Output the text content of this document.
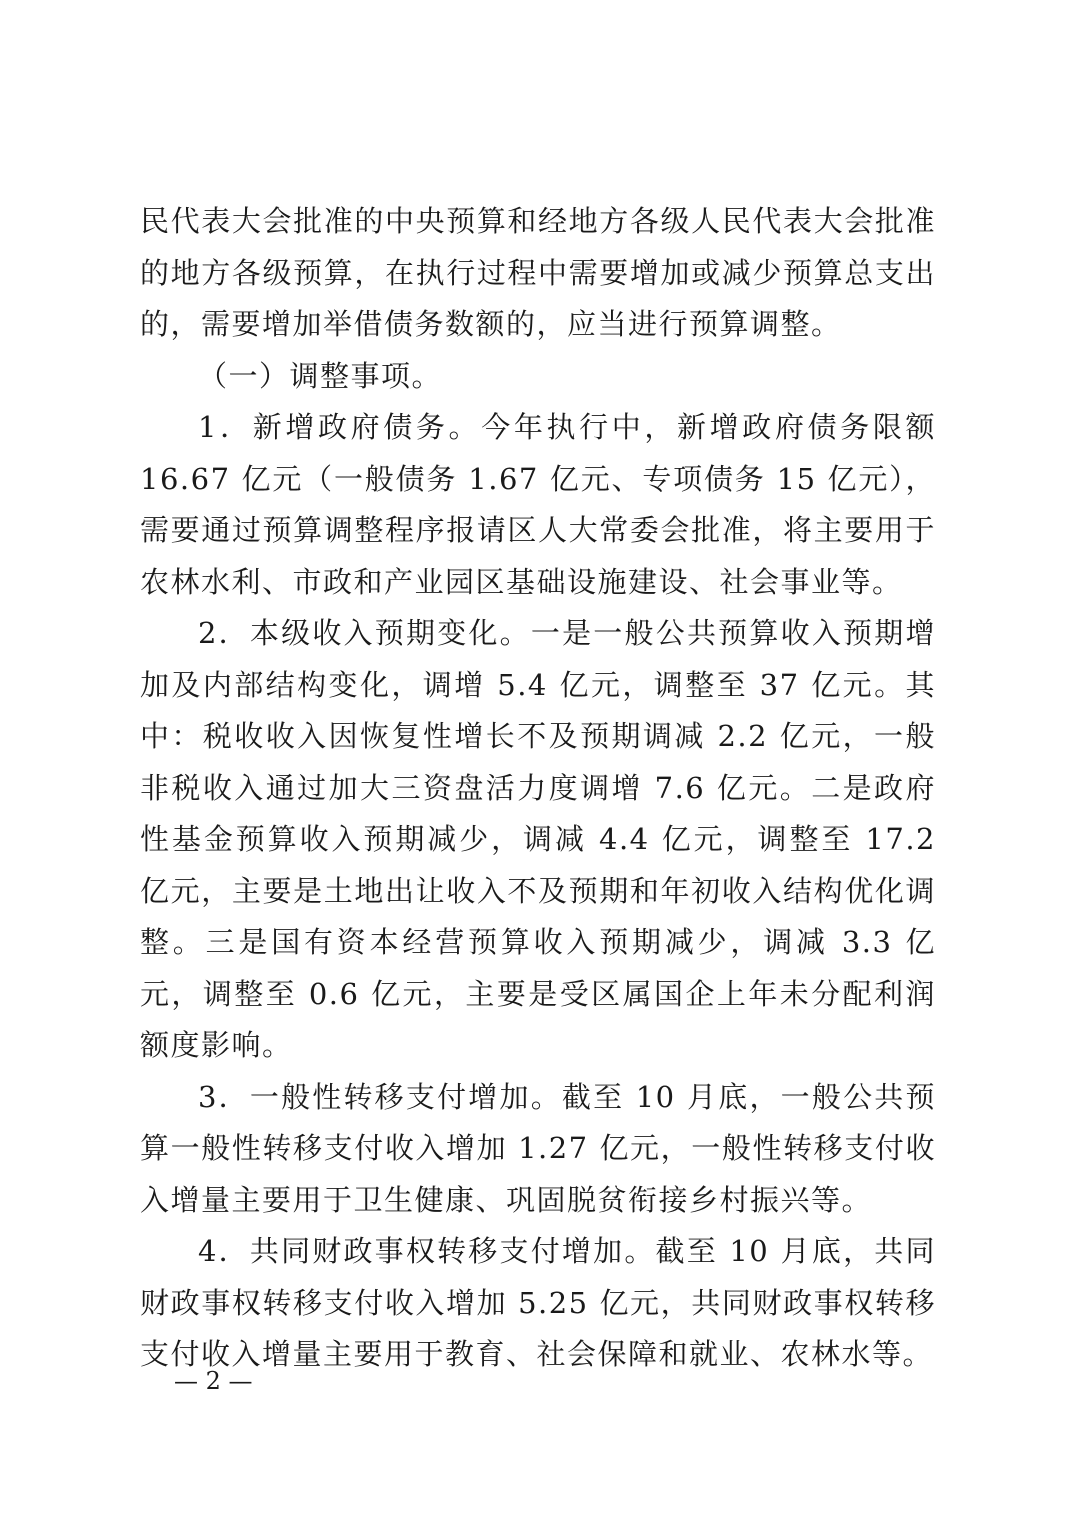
民代表大会批准的中央预算和经地方各级人民代表大会批准的地方各级预算，在执行过程中需要增加或减少预算总支出的，需要增加举借债务数额的，应当进行预算调整。

（一）调整事项。

1．新增政府债务。今年执行中，新增政府债务限额 16.67 亿元（一般债务 1.67 亿元、专项债务 15 亿元），需要通过预算调整程序报请区人大常委会批准，将主要用于农林水利、市政和产业园区基础设施建设、社会事业等。

2．本级收入预期变化。一是一般公共预算收入预期增加及内部结构变化，调增 5.4 亿元，调整至 37 亿元。其中：税收收入因恢复性增长不及预期调减 2.2 亿元，一般非税收入通过加大三资盘活力度调增 7.6 亿元。二是政府性基金预算收入预期减少，调减 4.4 亿元，调整至 17.2 亿元，主要是土地出让收入不及预期和年初收入结构优化调整。三是国有资本经营预算收入预期减少，调减 3.3 亿元，调整至 0.6 亿元，主要是受区属国企上年未分配利润额度影响。

3．一般性转移支付增加。截至 10 月底，一般公共预算一般性转移支付收入增加 1.27 亿元，一般性转移支付收入增量主要用于卫生健康、巩固脱贫衔接乡村振兴等。

4．共同财政事权转移支付增加。截至 10 月底，共同财政事权转移支付收入增加 5.25 亿元，共同财政事权转移支付收入增量主要用于教育、社会保障和就业、农林水等。

— 2 —
